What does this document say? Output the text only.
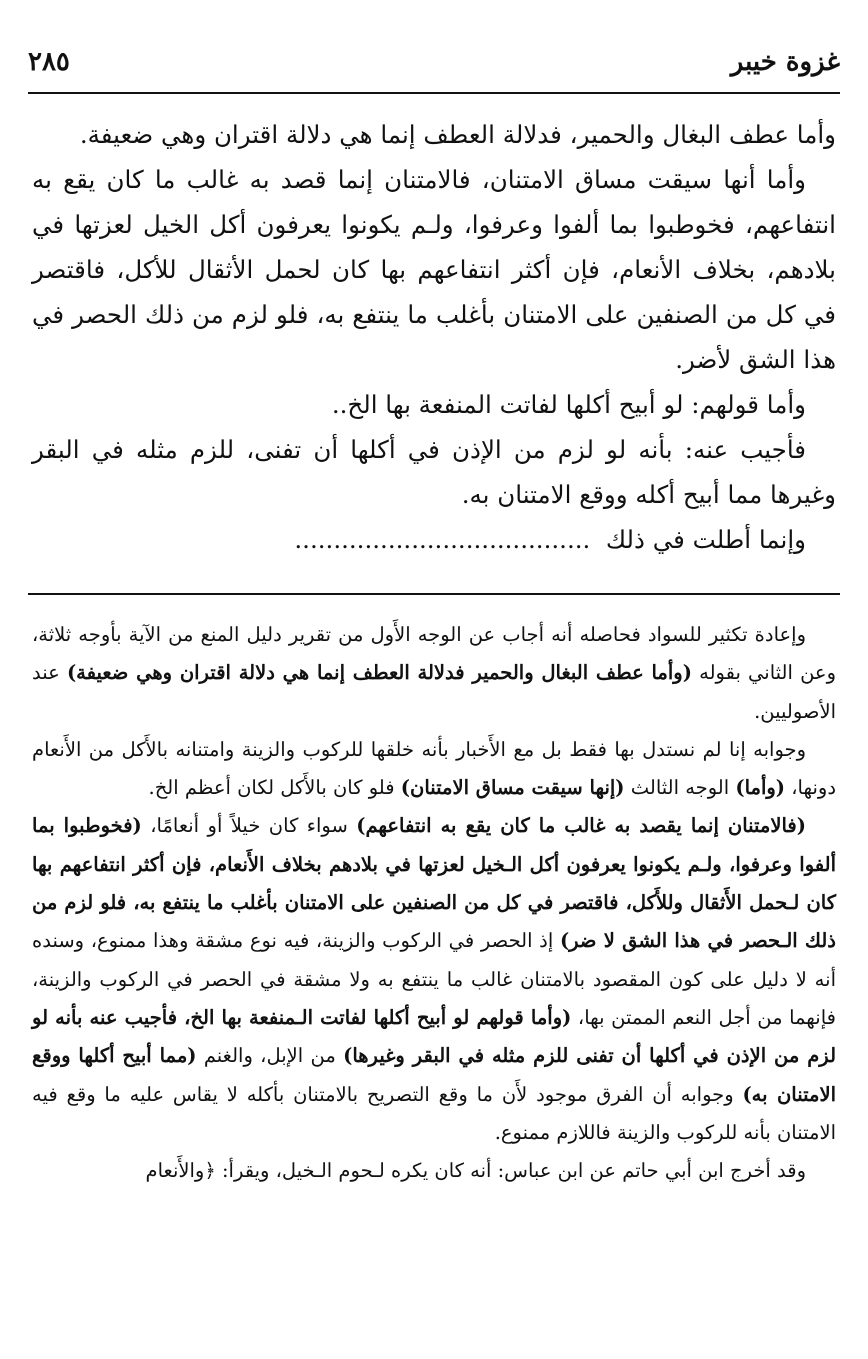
غزوة خيبر
٢٨٥

وأما عطف البغال والحمير، فدلالة العطف إنما هي دلالة اقتران وهي ضعيفة.

وأما أنها سيقت مساق الامتنان، فالامتنان إنما قصد به غالب ما كان يقع به انتفاعهم، فخوطبوا بما ألفوا وعرفوا، ولـم يكونوا يعرفون أكل الخيل لعزتها في بلادهم، بخلاف الأنعام، فإن أكثر انتفاعهم بها كان لحمل الأثقال للأكل، فاقتصر في كل من الصنفين على الامتنان بأغلب ما ينتفع به، فلو لزم من ذلك الحصر في هذا الشق لأضر.

وأما قولهم: لو أبيح أكلها لفاتت المنفعة بها الخ..

فأجيب عنه: بأنه لو لزم من الإذن في أكلها أن تفنى، للزم مثله في البقر وغيرها مما أبيح أكله ووقع الامتنان به.

وإنما أطلت في ذلك  ......................................

وإعادة تكثير للسواد فحاصله أنه أجاب عن الوجه الأَول من تقرير دليل المنع من الآية بأوجه ثلاثة، وعن الثاني بقوله (وأما عطف البغال والحمير فدلالة العطف إنما هي دلالة اقتران وهي ضعيفة) عند الأصوليين.

وجوابه إنا لم نستدل بها فقط بل مع الأَخبار بأنه خلقها للركوب والزينة وامتنانه بالأَكل من الأَنعام دونها، (وأما) الوجه الثالث (إنها سيقت مساق الامتنان) فلو كان بالأَكل لكان أعظم الخ.

(فالامتنان إنما يقصد به غالب ما كان يقع به انتفاعهم) سواء كان خيلاً أو أنعامًا، (فخوطبوا بما ألفوا وعرفوا، ولـم يكونوا يعرفون أكل الـخيل لعزتها في بلادهم بخلاف الأَنعام، فإن أكثر انتفاعهم بها كان لـحمل الأَثقال وللأَكل، فاقتصر في كل من الصنفين على الامتنان بأغلب ما ينتفع به، فلو لزم من ذلك الـحصر في هذا الشق لا ضر) إذ الحصر في الركوب والزينة، فيه نوع مشقة وهذا ممنوع، وسنده أنه لا دليل على كون المقصود بالامتنان غالب ما ينتفع به ولا مشقة في الحصر في الركوب والزينة، فإنهما من أجل النعم الممتن بها، (وأما قولهم لو أبيح أكلها لفاتت الـمنفعة بها الخ، فأجيب عنه بأنه لو لزم من الإذن في أكلها أن تفنى للزم مثله في البقر وغيرها) من الإبل، والغنم (مما أبيح أكلها ووقع الامتنان به) وجوابه أن الفرق موجود لأَن ما وقع التصريح بالامتنان بأكله لا يقاس عليه ما وقع فيه الامتنان بأنه للركوب والزينة فاللازم ممنوع.

وقد أخرج ابن أبي حاتم عن ابن عباس: أنه كان يكره لـحوم الـخيل، ويقرأ: ﴿والأَنعام
